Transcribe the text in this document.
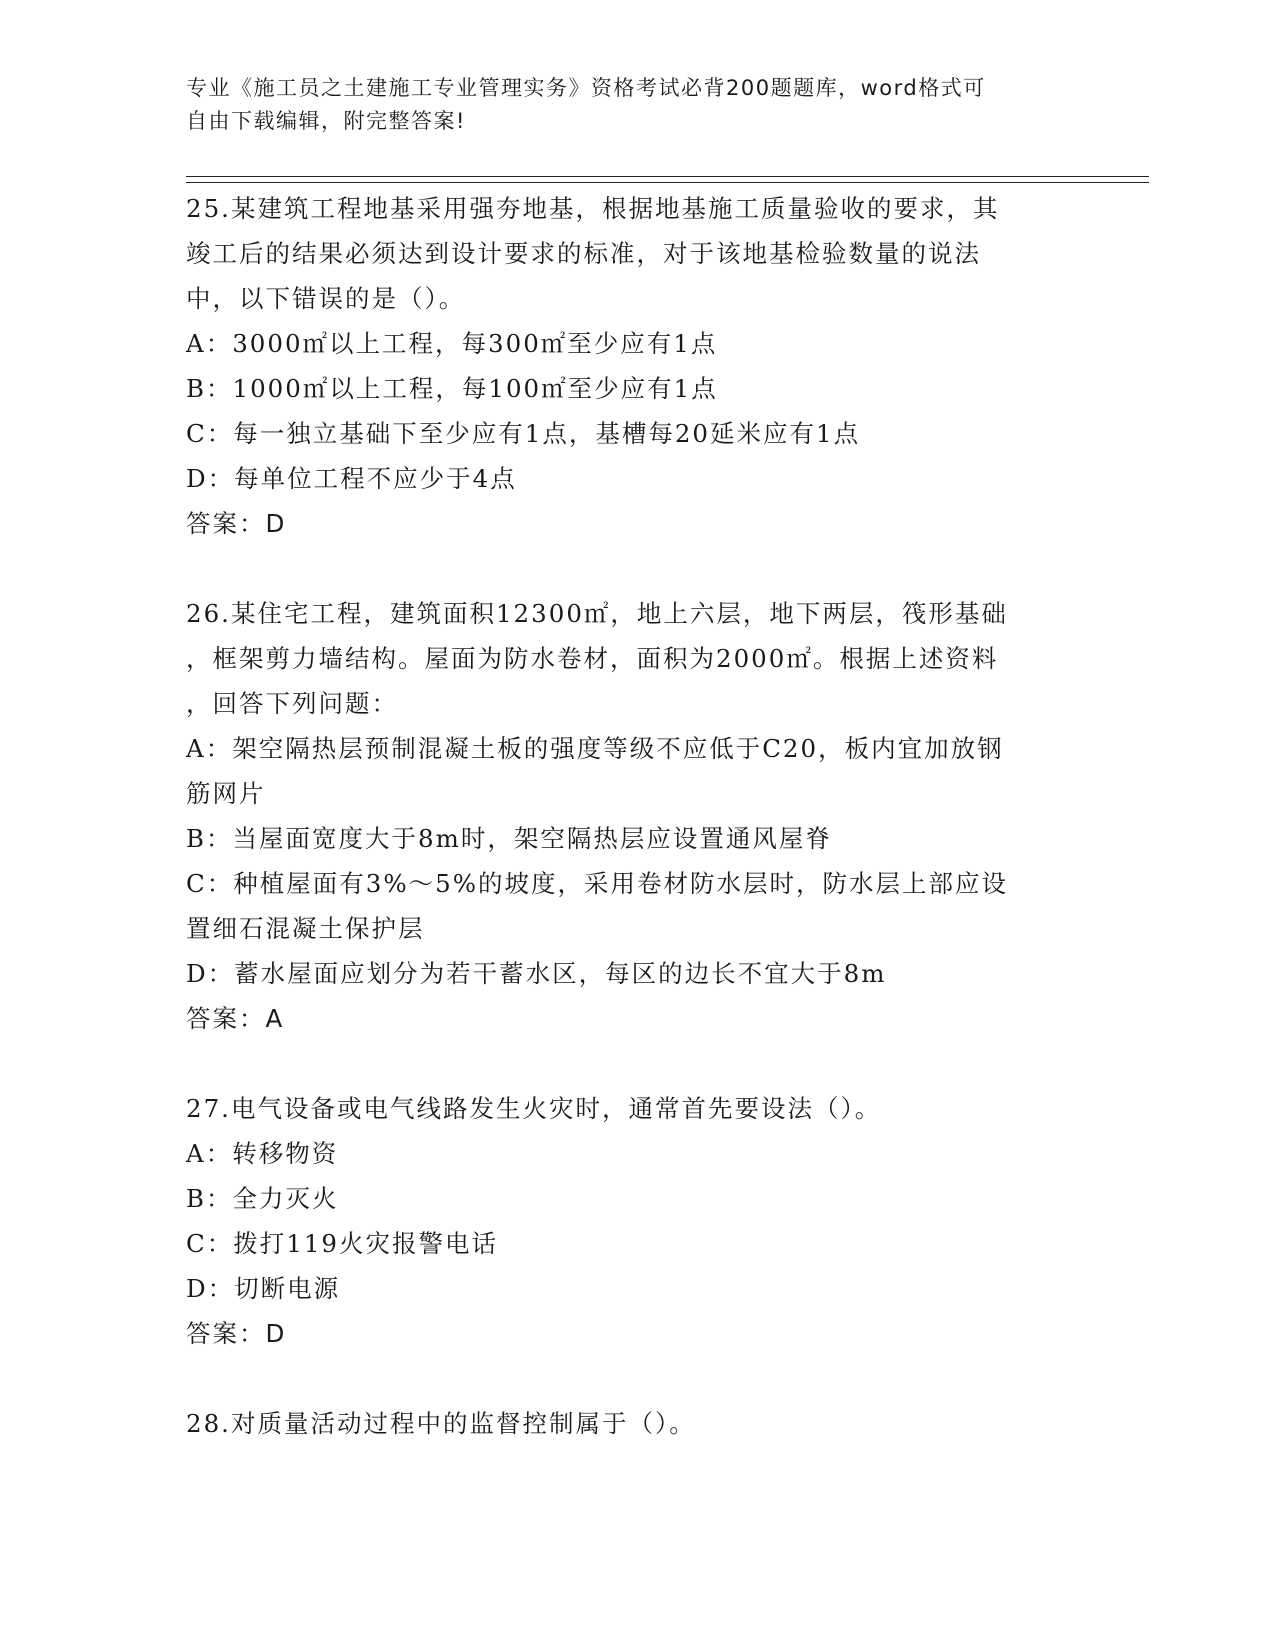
专业《施工员之土建施工专业管理实务》资格考试必背200题题库，word格式可
自由下载编辑，附完整答案!
25.某建筑工程地基采用强夯地基，根据地基施工质量验收的要求，其
竣工后的结果必须达到设计要求的标准，对于该地基检验数量的说法
中，以下错误的是（）。
A：3000㎡以上工程，每300㎡至少应有1点
B：1000㎡以上工程，每100㎡至少应有1点
C：每一独立基础下至少应有1点，基槽每20延米应有1点
D：每单位工程不应少于4点
答案：D
26.某住宅工程，建筑面积12300㎡，地上六层，地下两层，筏形基础
，框架剪力墙结构。屋面为防水卷材，面积为2000㎡。根据上述资料
，回答下列问题：
A：架空隔热层预制混凝土板的强度等级不应低于C20，板内宜加放钢
筋网片
B：当屋面宽度大于8m时，架空隔热层应设置通风屋脊
C：种植屋面有3%～5%的坡度，采用卷材防水层时，防水层上部应设
置细石混凝土保护层
D：蓄水屋面应划分为若干蓄水区，每区的边长不宜大于8m
答案：A
27.电气设备或电气线路发生火灾时，通常首先要设法（）。
A：转移物资
B：全力灭火
C：拨打119火灾报警电话
D：切断电源
答案：D
28.对质量活动过程中的监督控制属于（）。
